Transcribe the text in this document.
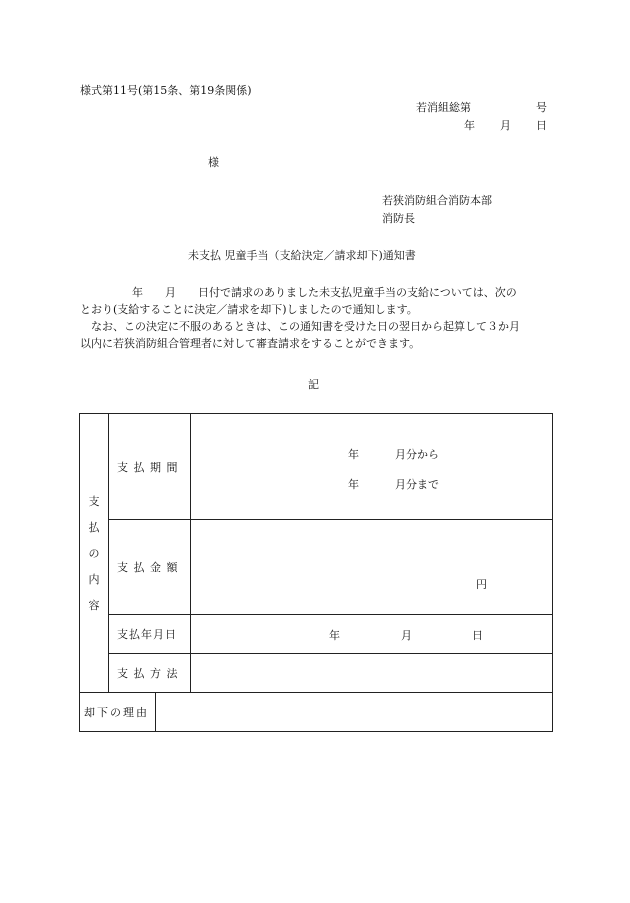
様式第11号(第15条、第19条関係)
若消組総第	号
年 月 日
様
若狭消防組合消防本部
消防長
未支払 児童手当（支給決定／請求却下)通知書

年　　月　　日付で請求のありました未支払児童手当の支給については、次の

とおり(支給することに決定／請求を却下)しましたので通知します。

なお、この決定に不服のあるときは、この通知書を受けた日の翌日から起算して３か月

以内に若狭消防組合管理者に対して審査請求をすることができます。

記
支
払
の
内
容	支 払 期 間		年 月分から
年 月分まで

	支 払 金 額		円

	支払年月日		年 月 日

	支 払 方 法		
却下の理由			
